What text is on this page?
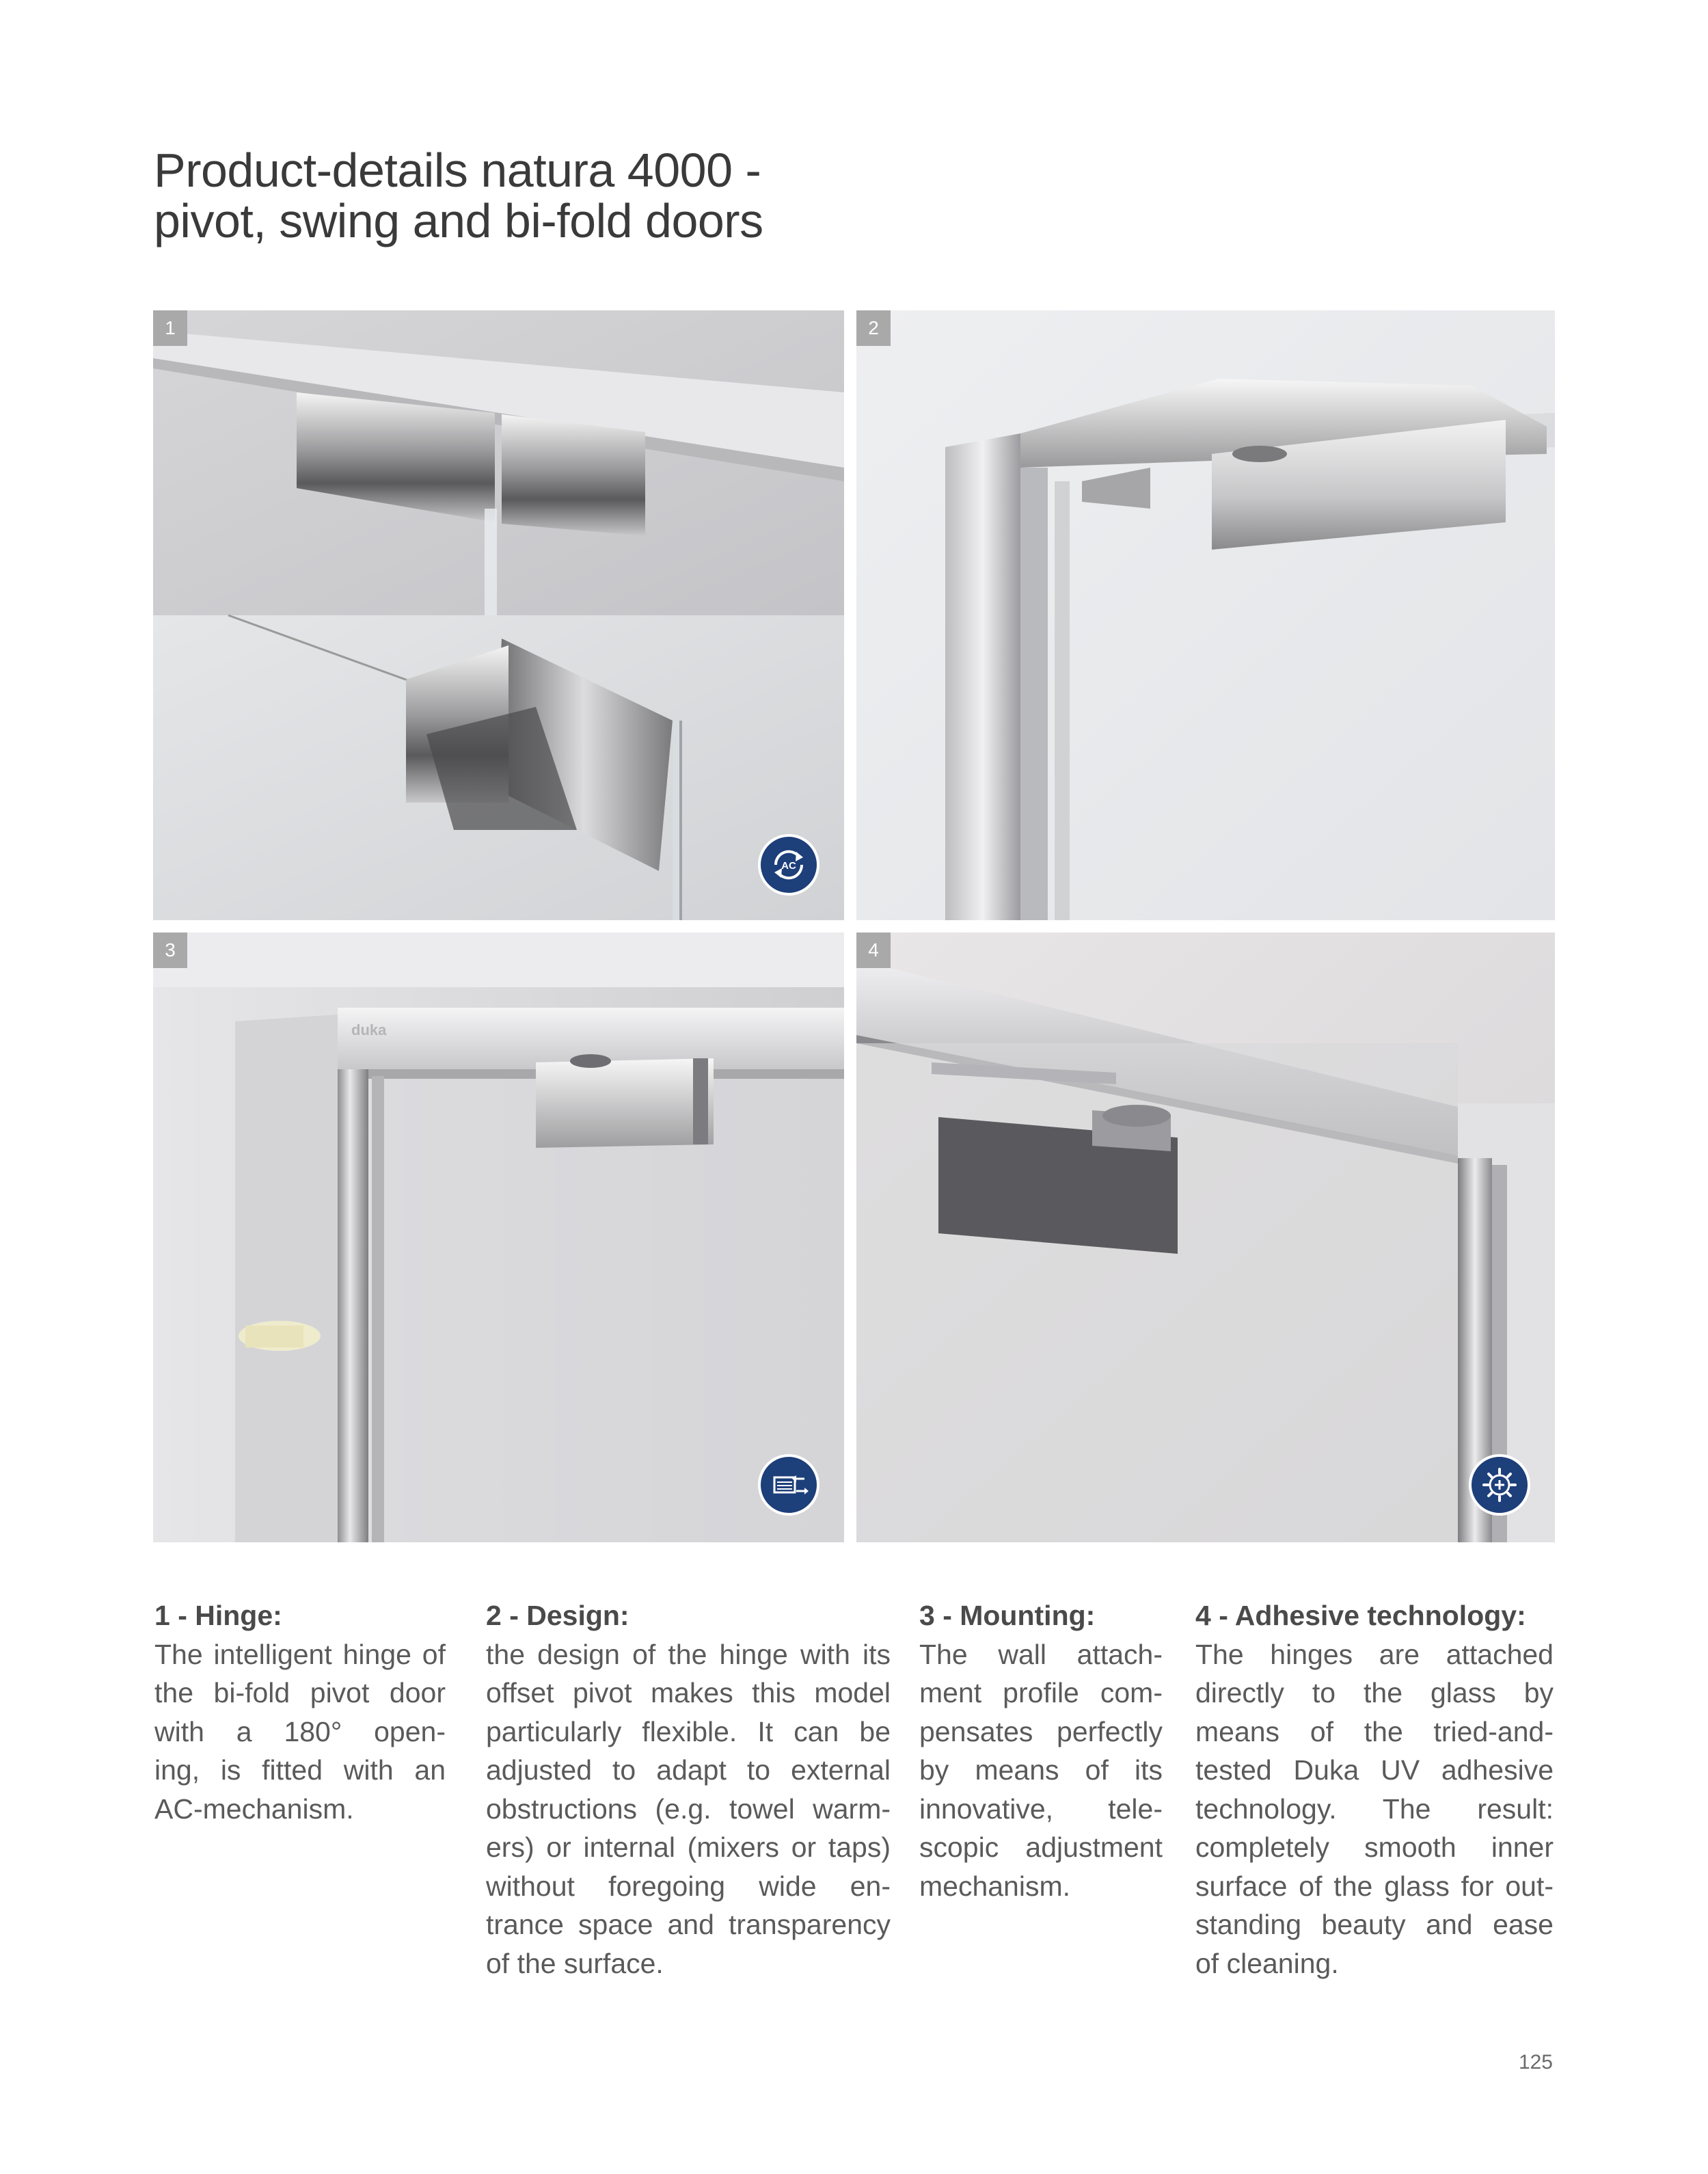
Product-details natura 4000 -
pivot, swing and bi-fold doors
1
AC
2
duka
3	4
1 - Hinge:

The intelligent hinge of
the bi-fold pivot door
with a 180° open-
ing, is fitted with an
AC-mechanism.

2 - Design:

the design of the hinge with its
offset pivot makes this model
particularly flexible. It can be
adjusted to adapt to external
obstructions (e.g. towel warm-
ers) or internal (mixers or taps)
without foregoing wide en-
trance space and transparency
of the surface.

3 - Mounting:

The wall attach-
ment profile com-
pensates perfectly
by means of its
innovative, tele-
scopic adjustment
mechanism.

4 - Adhesive technology:

The hinges are attached
directly to the glass by
means of the tried-and-
tested Duka UV adhesive
technology. The result:
completely smooth inner
surface of the glass for out-
standing beauty and ease
of cleaning.

125
